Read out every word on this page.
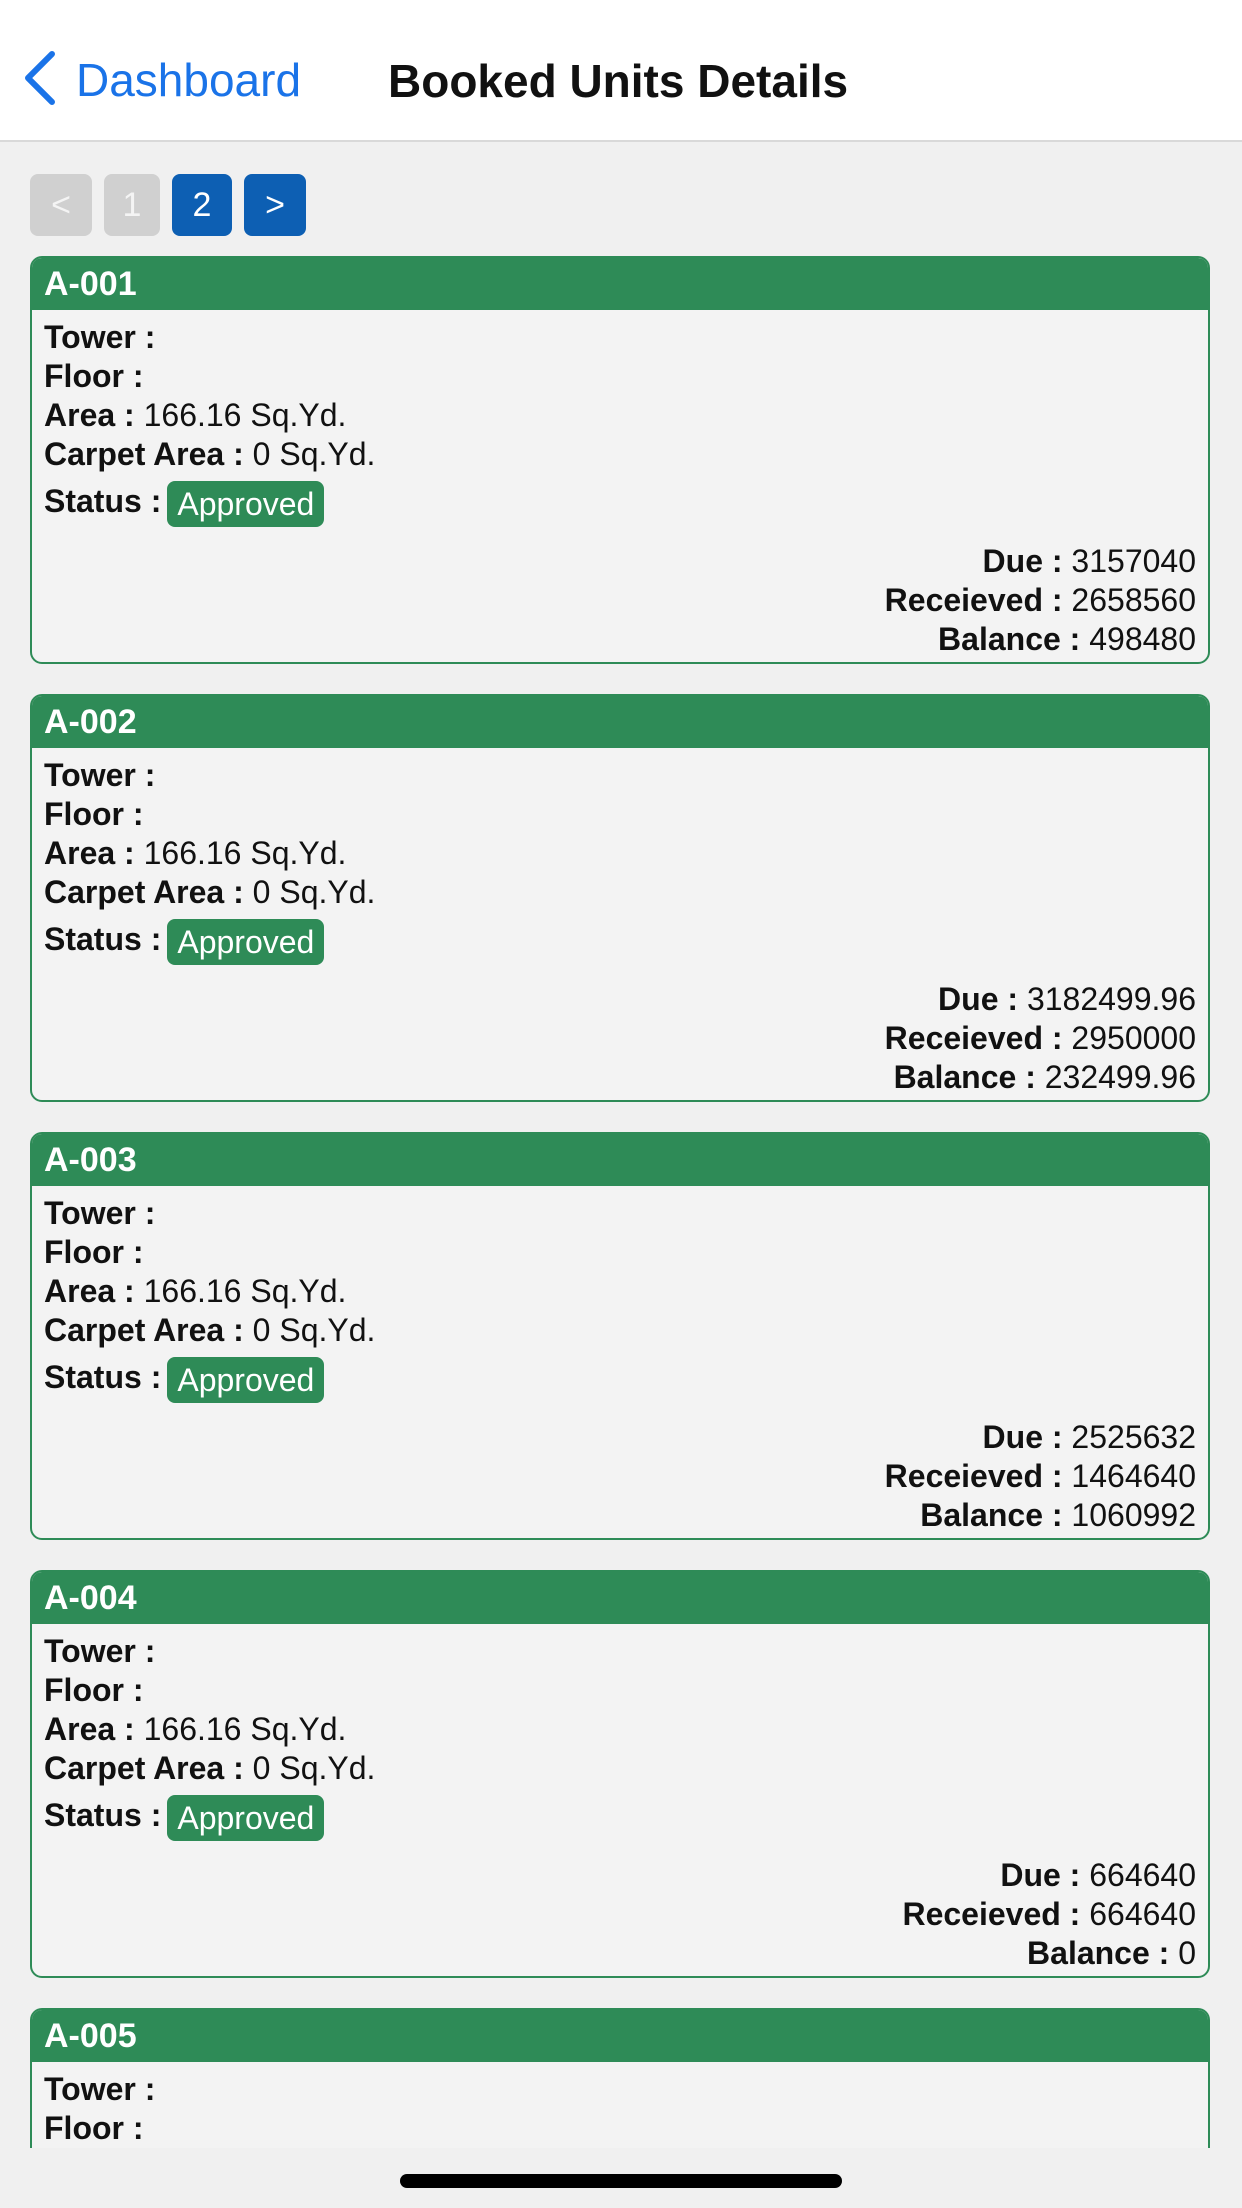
Dashboard Booked Units Details
<	1	2	>
A-001
Tower :
Floor :
Area : 166.16 Sq.Yd.
Carpet Area : 0 Sq.Yd.
Status : Approved
Due : 3157040
Receieved : 2658560
Balance : 498480
A-002
Tower :
Floor :
Area : 166.16 Sq.Yd.
Carpet Area : 0 Sq.Yd.
Status : Approved
Due : 3182499.96
Receieved : 2950000
Balance : 232499.96
A-003
Tower :
Floor :
Area : 166.16 Sq.Yd.
Carpet Area : 0 Sq.Yd.
Status : Approved
Due : 2525632
Receieved : 1464640
Balance : 1060992
A-004
Tower :
Floor :
Area : 166.16 Sq.Yd.
Carpet Area : 0 Sq.Yd.
Status : Approved
Due : 664640
Receieved : 664640
Balance : 0
A-005
Tower :
Floor :
